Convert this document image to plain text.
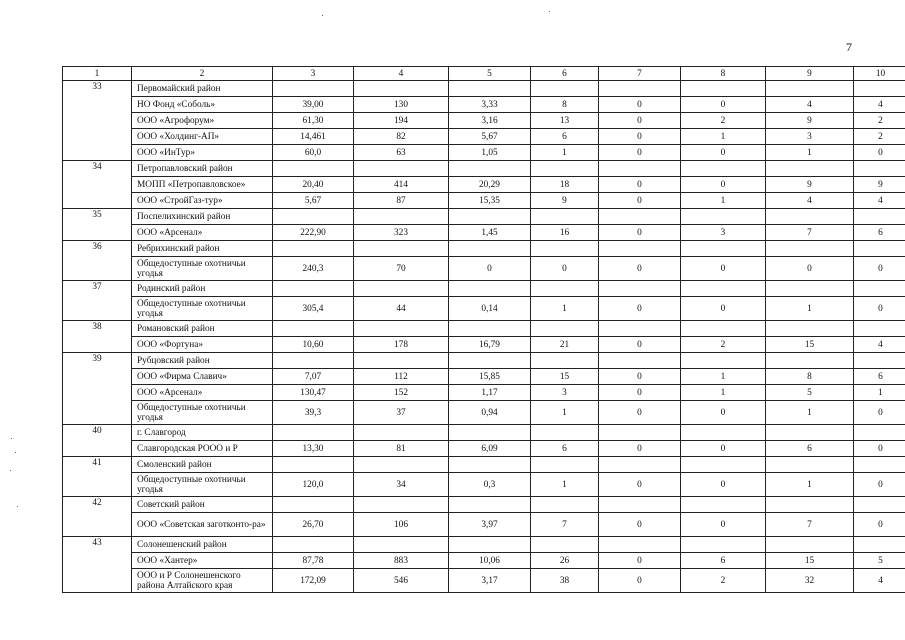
7
1	2	3	4	5	6	7	8	9	10
33	Первомайский район								
	НО Фонд «Соболь»	39,00	130	3,33	8	0	0	4	4
	ООО «Агрофорум»	61,30	194	3,16	13	0	2	9	2
	ООО «Холдинг-АП»	14,461	82	5,67	6	0	1	3	2
	ООО «ИнТур»	60,0	63	1,05	1	0	0	1	0
34	Петропавловский район								
	МОПП «Петропавловское»	20,40	414	20,29	18	0	0	9	9
	ООО «СтройГаз-тур»	5,67	87	15,35	9	0	1	4	4
35	Поспелихинский район								
	ООО «Арсенал»	222,90	323	1,45	16	0	3	7	6
36	Ребрихинский район								
	Общедоступные охотничьи угодья	240,3	70	0	0	0	0	0	0
37	Родинский район								
	Общедоступные охотничьи угодья	305,4	44	0,14	1	0	0	1	0
38	Романовский район								
	ООО «Фортуна»	10,60	178	16,79	21	0	2	15	4
39	Рубцовский район								
	ООО «Фирма Славич»	7,07	112	15,85	15	0	1	8	6
	ООО «Арсенал»	130,47	152	1,17	3	0	1	5	1
	Общедоступные охотничьи угодья	39,3	37	0,94	1	0	0	1	0
40	г. Славгород								
	Славгородская РООО и Р	13,30	81	6,09	6	0	0	6	0
41	Смоленский район								
	Общедоступные охотничьи угодья	120,0	34	0,3	1	0	0	1	0
42	Советский район								
	ООО «Советская заготконто-ра»	26,70	106	3,97	7	0	0	7	0
43	Солонешенский район								
	ООО «Хантер»	87,78	883	10,06	26	0	6	15	5
	ООО и Р Солонешенского района Алтайского края	172,09	546	3,17	38	0	2	32	4
